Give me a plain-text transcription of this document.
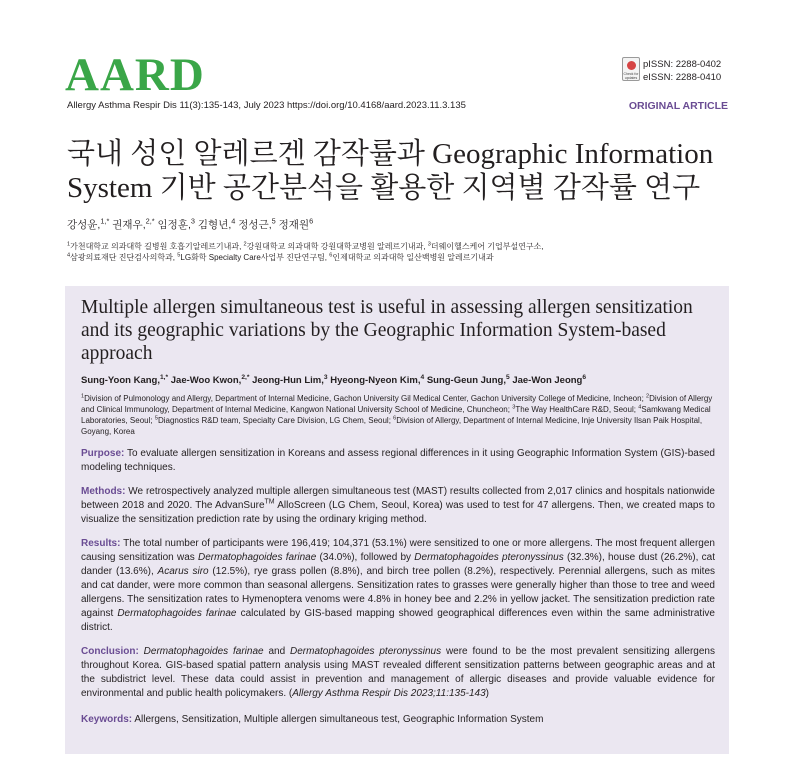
AARD
Allergy Asthma Respir Dis 11(3):135-143, July 2023 https://doi.org/10.4168/aard.2023.11.3.135
Check for updates
pISSN: 2288-0402
eISSN: 2288-0410
ORIGINAL ARTICLE
국내 성인 알레르겐 감작률과 Geographic Information
System 기반 공간분석을 활용한 지역별 감작률 연구
강성윤,$^{1,*}$ 권재우,$^{2,*}$ 임정훈,$^3$ 김형년,$^4$ 정성근,$^5$ 정재원$^6$
$^1$가천대학교 의과대학 길병원 호흡기알레르기내과, $^2$강원대학교 의과대학 강원대학교병원 알레르기내과, $^3$더웨이헬스케어 기업부설연구소,
$^4$삼광의료재단 진단검사의학과, $^5$LG화학 Specialty Care사업부 진단연구팀, $^6$인제대학교 의과대학 일산백병원 알레르기내과
Multiple allergen simultaneous test is useful in assessing allergen sensitization and its geographic variations by the Geographic Information System-based approach
Sung-Yoon Kang,$^{1,*}$ Jae-Woo Kwon,$^{2,*}$ Jeong-Hun Lim,$^3$ Hyeong-Nyeon Kim,$^4$ Sung-Geun Jung,$^5$ Jae-Won Jeong$^6$
$^1$Division of Pulmonology and Allergy, Department of Internal Medicine, Gachon University Gil Medical Center, Gachon University College of Medicine, Incheon; $^2$Division of Allergy and Clinical Immunology, Department of Internal Medicine, Kangwon National University School of Medicine, Chuncheon; $^3$The Way HealthCare R&D, Seoul; $^4$Samkwang Medical Laboratories, Seoul; $^5$Diagnostics R&D team, Specialty Care Division, LG Chem, Seoul; $^6$Division of Allergy, Department of Internal Medicine, Inje University Ilsan Paik Hospital, Goyang, Korea

Purpose: To evaluate allergen sensitization in Koreans and assess regional differences in it using Geographic Information System (GIS)-based modeling techniques.

Methods: We retrospectively analyzed multiple allergen simultaneous test (MAST) results collected from 2,017 clinics and hospitals nationwide between 2018 and 2020. The AdvanSure™ AlloScreen (LG Chem, Seoul, Korea) was used to test for 47 allergens. Then, we created maps to visualize the sensitization prediction rate by using the ordinary kriging method.

Results: The total number of participants were 196,419; 104,371 (53.1%) were sensitized to one or more allergens. The most frequent allergen causing sensitization was Dermatophagoides farinae (34.0%), followed by Dermatophagoides pteronyssinus (32.3%), house dust (26.2%), cat dander (13.6%), Acarus siro (12.5%), rye grass pollen (8.8%), and birch tree pollen (8.2%), respectively. Perennial allergens, such as mites and cat dander, were more common than seasonal allergens. Sensitization rates to grasses were generally higher than those to tree and weed allergens. The sensitization rates to Hymenoptera venoms were 4.8% in honey bee and 2.2% in yellow jacket. The sensitization prediction rate against Dermatophagoides farinae calculated by GIS-based mapping showed geographical differences even within the same administrative district.

Conclusion: Dermatophagoides farinae and Dermatophagoides pteronyssinus were found to be the most prevalent sensitizing allergens throughout Korea. GIS-based spatial pattern analysis using MAST revealed different sensitization patterns between geographic areas and at the subdistrict level. These data could assist in prevention and management of allergic diseases and provide valuable evidence for environmental and public health policymakers. (Allergy Asthma Respir Dis 2023;11:135-143)

Keywords: Allergens, Sensitization, Multiple allergen simultaneous test, Geographic Information System
